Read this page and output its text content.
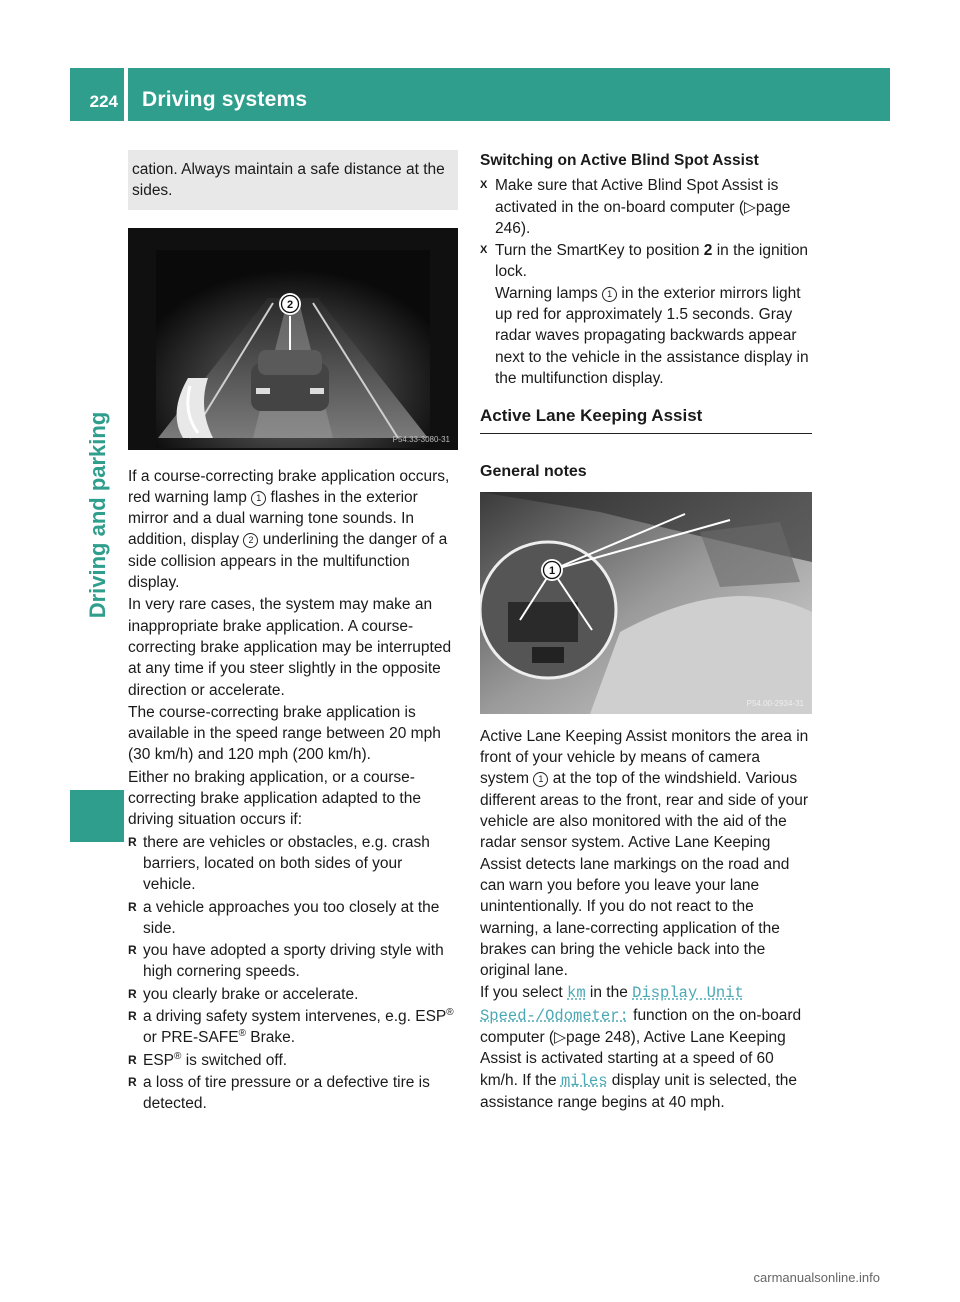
224 Driving systems
Driving and parking

cation. Always maintain a safe distance at the sides.

2
P54.33-3080-31

If a course-correcting brake application occurs, red warning lamp 1 flashes in the exterior mirror and a dual warning tone sounds. In addition, display 2 underlining the danger of a side collision appears in the multifunction display.

In very rare cases, the system may make an inappropriate brake application. A course-correcting brake application may be interrupted at any time if you steer slightly in the opposite direction or accelerate.

The course-correcting brake application is available in the speed range between 20 mph (30 km/h) and 120 mph (200 km/h).

Either no braking application, or a course-correcting brake application adapted to the driving situation occurs if:

R there are vehicles or obstacles, e.g. crash barriers, located on both sides of your vehicle.
R a vehicle approaches you too closely at the side.
R you have adopted a sporty driving style with high cornering speeds.
R you clearly brake or accelerate.
R a driving safety system intervenes, e.g. ESP® or PRE-SAFE® Brake.
R ESP® is switched off.
R a loss of tire pressure or a defective tire is detected.
Switching on Active Blind Spot Assist
X Make sure that Active Blind Spot Assist is activated in the on-board computer (▷page 246).
X Turn the SmartKey to position 2 in the ignition lock.
Warning lamps 1 in the exterior mirrors light up red for approximately 1.5 seconds. Gray radar waves propagating backwards appear next to the vehicle in the assistance display in the multifunction display.
Active Lane Keeping Assist
General notes
1
P54.00-2934-31

Active Lane Keeping Assist monitors the area in front of your vehicle by means of camera system 1 at the top of the windshield. Various different areas to the front, rear and side of your vehicle are also monitored with the aid of the radar sensor system. Active Lane Keeping Assist detects lane markings on the road and can warn you before you leave your lane unintentionally. If you do not react to the warning, a lane-correcting application of the brakes can bring the vehicle back into the original lane.

If you select km in the Display Unit Speed-/Odometer: function on the on-board computer (▷page 248), Active Lane Keeping Assist is activated starting at a speed of 60 km/h. If the miles display unit is selected, the assistance range begins at 40 mph.

carmanualsonline.info
